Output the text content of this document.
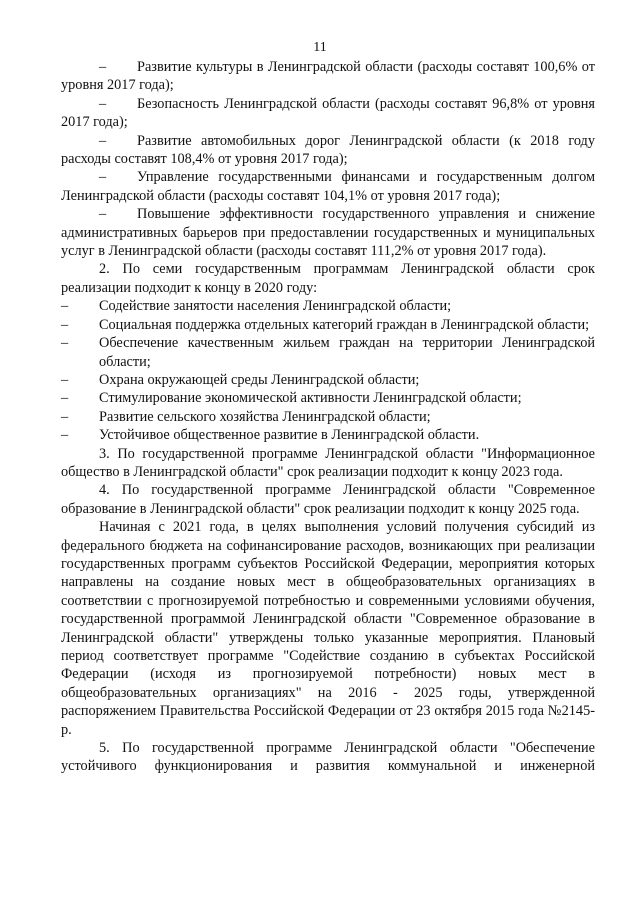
11
– Развитие культуры в Ленинградской области (расходы составят 100,6% от уровня 2017 года);
– Безопасность Ленинградской области (расходы составят 96,8% от уровня 2017 года);
– Развитие автомобильных дорог Ленинградской области (к 2018 году расходы составят 108,4% от уровня 2017 года);
– Управление государственными финансами и государственным долгом Ленинградской области (расходы составят 104,1% от уровня 2017 года);
– Повышение эффективности государственного управления и снижение административных барьеров при предоставлении государственных и муниципальных услуг в Ленинградской области (расходы составят 111,2% от уровня 2017 года).
2. По семи государственным программам Ленинградской области срок реализации подходит к концу в 2020 году:
– Содействие занятости населения Ленинградской области;
– Социальная поддержка отдельных категорий граждан в Ленинградской области;
– Обеспечение качественным жильем граждан на территории Ленинградской области;
– Охрана окружающей среды Ленинградской области;
– Стимулирование экономической активности Ленинградской области;
– Развитие сельского хозяйства Ленинградской области;
– Устойчивое общественное развитие в Ленинградской области.
3. По государственной программе Ленинградской области "Информационное общество в Ленинградской области" срок реализации подходит к концу 2023 года.
4. По государственной программе Ленинградской области "Современное образование в Ленинградской области" срок реализации подходит к концу 2025 года.
Начиная с 2021 года, в целях выполнения условий получения субсидий из федерального бюджета на софинансирование расходов, возникающих при реализации государственных программ субъектов Российской Федерации, мероприятия которых направлены на создание новых мест в общеобразовательных организациях в соответствии с прогнозируемой потребностью и современными условиями обучения, государственной программой Ленинградской области "Современное образование в Ленинградской области" утверждены только указанные мероприятия. Плановый период соответствует программе "Содействие созданию в субъектах Российской Федерации (исходя из прогнозируемой потребности) новых мест в общеобразовательных организациях" на 2016 - 2025 годы, утвержденной распоряжением Правительства Российской Федерации от 23 октября 2015 года №2145-р.
5. По государственной программе Ленинградской области "Обеспечение устойчивого функционирования и развития коммунальной и инженерной
